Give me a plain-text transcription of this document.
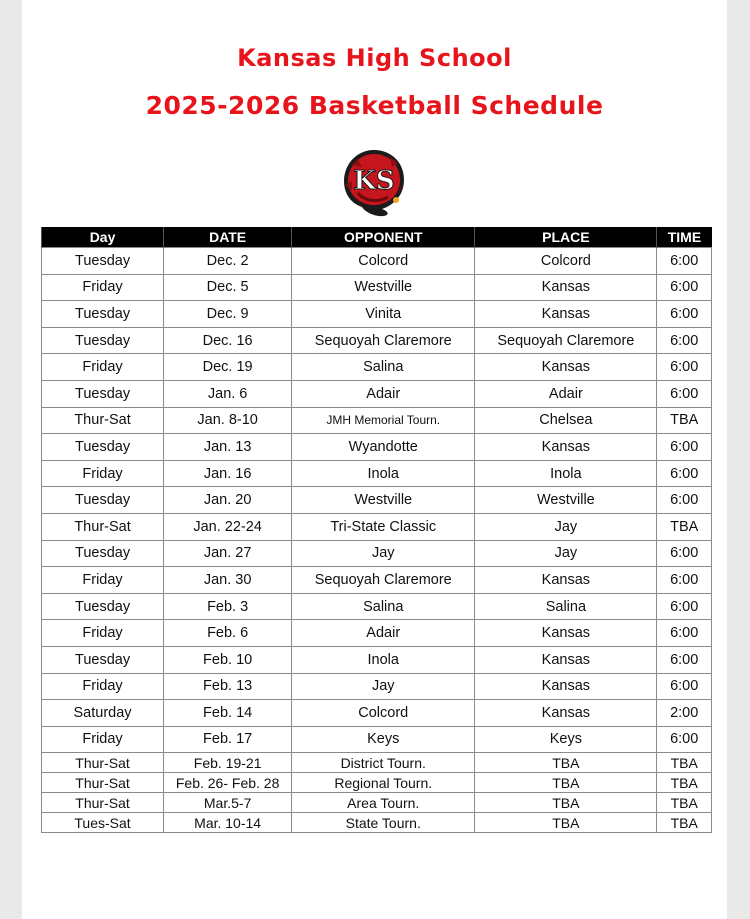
Kansas High School
2025-2026 Basketball Schedule
KS
Day	DATE	OPPONENT	PLACE	TIME
Tuesday	Dec. 2	Colcord	Colcord	6:00
Friday	Dec. 5	Westville	Kansas	6:00
Tuesday	Dec. 9	Vinita	Kansas	6:00
Tuesday	Dec. 16	Sequoyah Claremore	Sequoyah Claremore	6:00
Friday	Dec. 19	Salina	Kansas	6:00
Tuesday	Jan. 6	Adair	Adair	6:00
Thur-Sat	Jan. 8-10	JMH Memorial Tourn.	Chelsea	TBA
Tuesday	Jan. 13	Wyandotte	Kansas	6:00
Friday	Jan. 16	Inola	Inola	6:00
Tuesday	Jan. 20	Westville	Westville	6:00
Thur-Sat	Jan. 22-24	Tri-State Classic	Jay	TBA
Tuesday	Jan. 27	Jay	Jay	6:00
Friday	Jan. 30	Sequoyah Claremore	Kansas	6:00
Tuesday	Feb. 3	Salina	Salina	6:00
Friday	Feb. 6	Adair	Kansas	6:00
Tuesday	Feb. 10	Inola	Kansas	6:00
Friday	Feb. 13	Jay	Kansas	6:00
Saturday	Feb. 14	Colcord	Kansas	2:00
Friday	Feb. 17	Keys	Keys	6:00
Thur-Sat	Feb. 19-21	District Tourn.	TBA	TBA
Thur-Sat	Feb. 26- Feb. 28	Regional Tourn.	TBA	TBA
Thur-Sat	Mar.5-7	Area Tourn.	TBA	TBA
Tues-Sat	Mar. 10-14	State Tourn.	TBA	TBA
